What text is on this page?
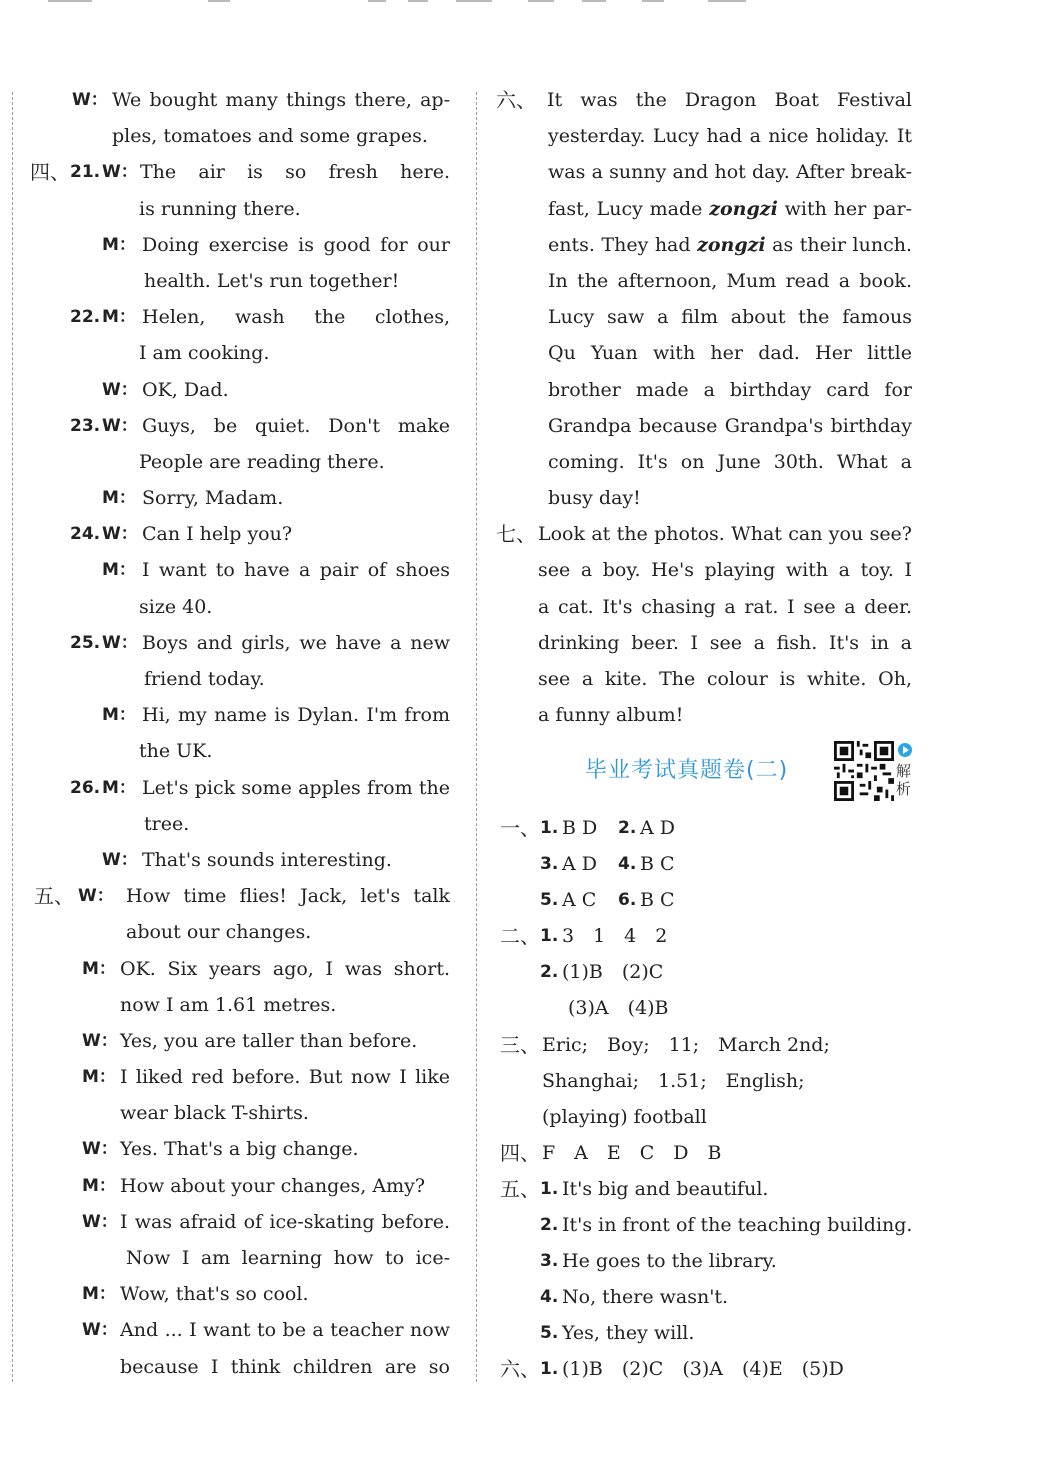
W： We bought many things there, ap-
ples, tomatoes and some grapes.
四、 21. W： The air is so fresh here.
is running there.
M： Doing exercise is good for our
health. Let's run together!
22. M： Helen, wash the clothes,
I am cooking.
W： OK, Dad.
23. W： Guys, be quiet. Don't make
People are reading there.
M： Sorry, Madam.
24. W： Can I help you?
M： I want to have a pair of shoes
size 40.
25. W： Boys and girls, we have a new
friend today.
M： Hi, my name is Dylan. I'm from
the UK.
26. M： Let's pick some apples from the
tree.
W： That's sounds interesting.
五、 W： How time flies! Jack, let's talk
about our changes.
M： OK. Six years ago, I was short.
now I am 1.61 metres.
W： Yes, you are taller than before.
M： I liked red before. But now I like
wear black T-shirts.
W： Yes. That's a big change.
M： How about your changes, Amy?
W： I was afraid of ice-skating before.
Now I am learning how to ice-
M： Wow, that's so cool.
W： And ... I want to be a teacher now
because I think children are so
六、 It was the Dragon Boat Festival
yesterday. Lucy had a nice holiday. It
was a sunny and hot day. After break-
fast, Lucy made zongzi with her par-
ents. They had zongzi as their lunch.
In the afternoon, Mum read a book.
Lucy saw a film about the famous
Qu Yuan with her dad. Her little
brother made a birthday card for
Grandpa because Grandpa's birthday
coming. It's on June 30th. What a
busy day!
七、 Look at the photos. What can you see?
see a boy. He's playing with a toy. I
a cat. It's chasing a rat. I see a deer.
drinking beer. I see a fish. It's in a
see a kite. The colour is white. Oh,
a funny album!
毕业考试真题卷(二)	解析
一、 1. B D 2. A D
3. A D 4. B C
5. A C 6. B C
二、 1. 3　1　4　2
2. (1)B　(2)C
(3)A　(4)B
三、 Eric;　Boy;　11;　March 2nd;
Shanghai;　1.51;　English;
(playing) football
四、 F　A　E　C　D　B
五、 1. It's big and beautiful.
2. It's in front of the teaching building.
3. He goes to the library.
4. No, there wasn't.
5. Yes, they will.
六、 1. (1)B　(2)C　(3)A　(4)E　(5)D
